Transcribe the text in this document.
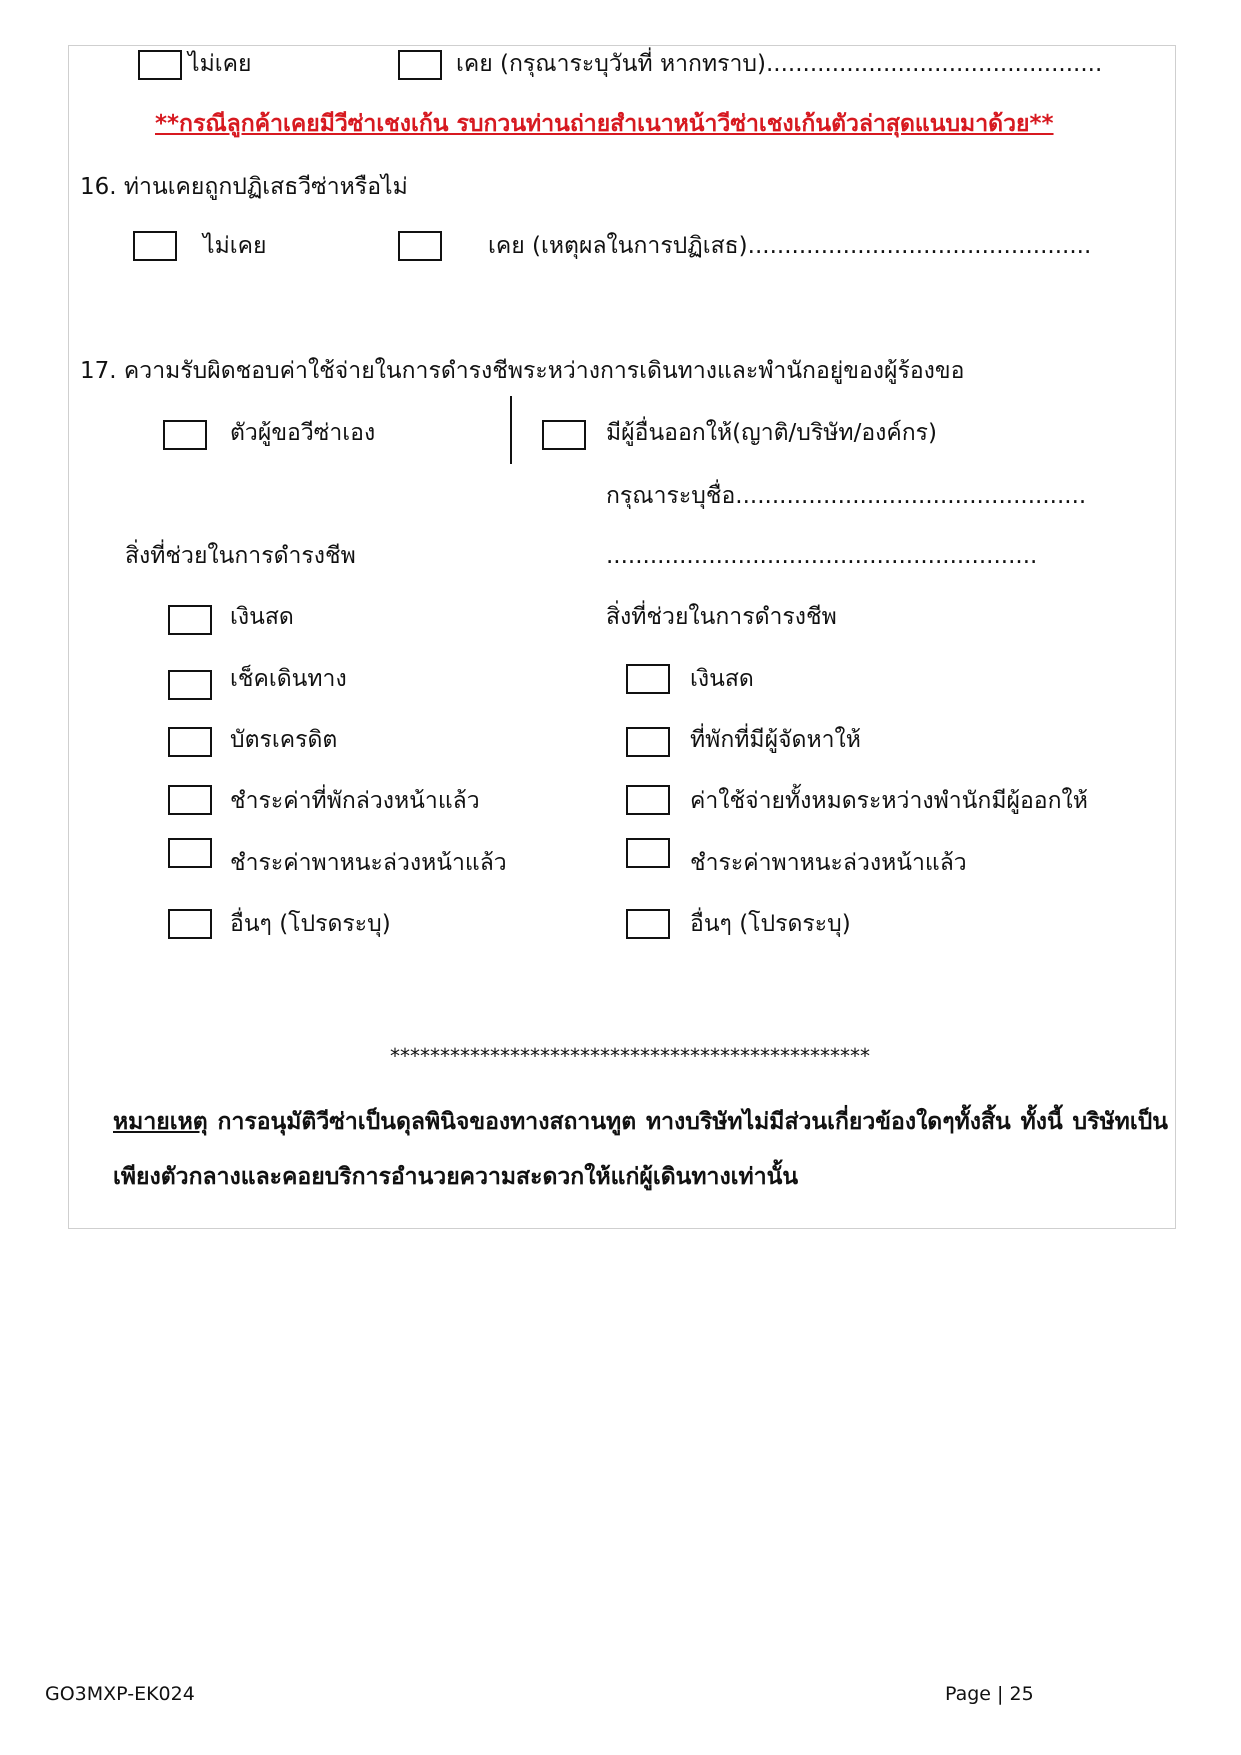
ไม่เคย	เคย (กรุณาระบุวันที่ หากทราบ)..............................................
**กรณีลูกค้าเคยมีวีซ่าเชงเก้น รบกวนท่านถ่ายสำเนาหน้าวีซ่าเชงเก้นตัวล่าสุดแนบมาด้วย**
16. ท่านเคยถูกปฏิเสธวีซ่าหรือไม่
ไม่เคย	เคย (เหตุผลในการปฏิเสธ)...............................................
17. ความรับผิดชอบค่าใช้จ่ายในการดำรงชีพระหว่างการเดินทางและพำนักอยู่ของผู้ร้องขอ
ตัวผู้ขอวีซ่าเอง	มีผู้อื่นออกให้(ญาติ/บริษัท/องค์กร)
กรุณาระบุชื่อ................................................
สิ่งที่ช่วยในการดำรงชีพ	...........................................................
สิ่งที่ช่วยในการดำรงชีพ
เงินสด
เช็คเดินทาง
บัตรเครดิต
ชำระค่าที่พักล่วงหน้าแล้ว
ชำระค่าพาหนะล่วงหน้าแล้ว
อื่นๆ (โปรดระบุ)
เงินสด
ที่พักที่มีผู้จัดหาให้
ค่าใช้จ่ายทั้งหมดระหว่างพำนักมีผู้ออกให้
ชำระค่าพาหนะล่วงหน้าแล้ว
อื่นๆ (โปรดระบุ)
************************************************
หมายเหตุ การอนุมัติวีซ่าเป็นดุลพินิจของทางสถานทูต ทางบริษัทไม่มีส่วนเกี่ยวข้องใดๆทั้งสิ้น ทั้งนี้ บริษัทเป็นเพียงตัวกลางและคอยบริการอำนวยความสะดวกให้แก่ผู้เดินทางเท่านั้น
GO3MXP-EK024	Page | 25
